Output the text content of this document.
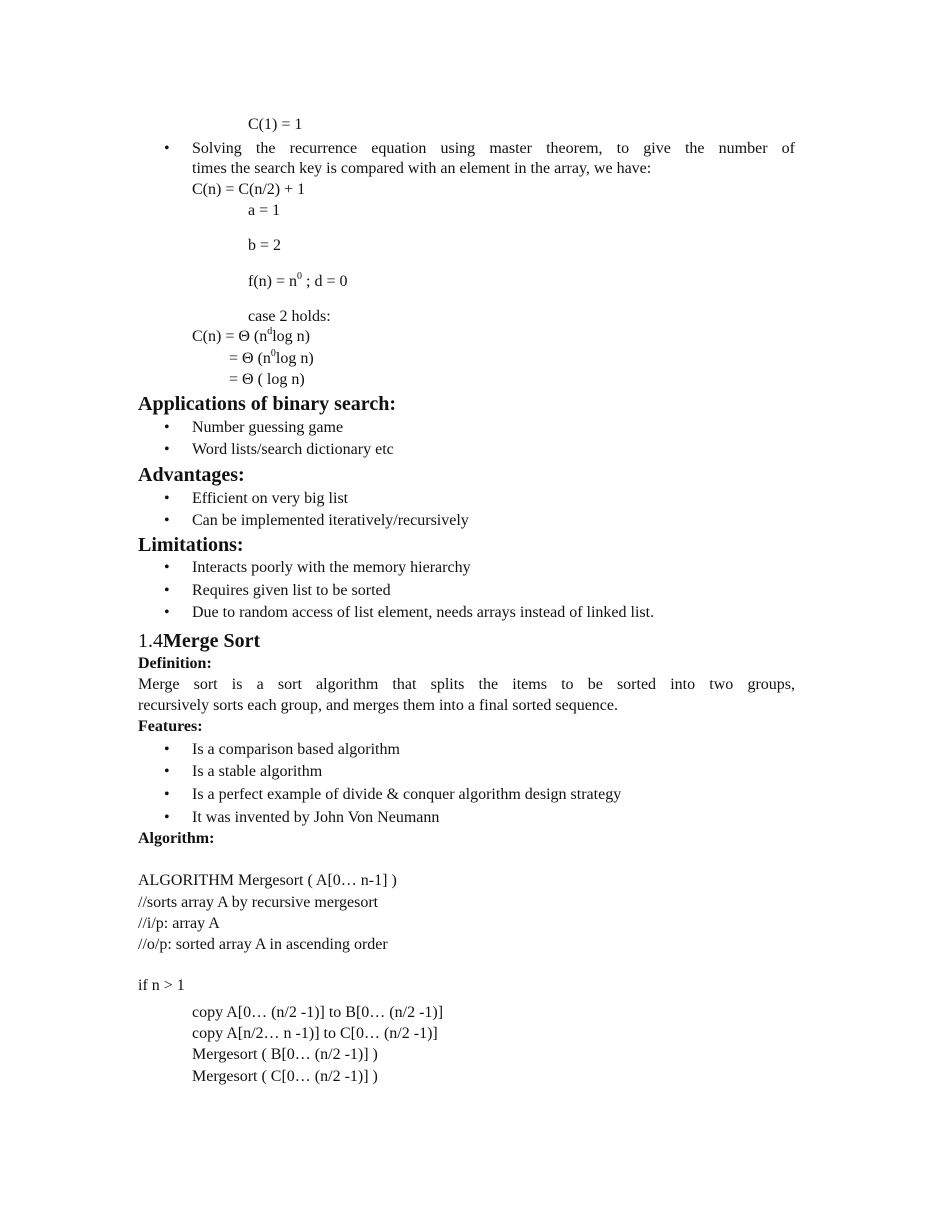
C(1) = 1
• Solving the recurrence equation using master theorem, to give the number of
times the search key is compared with an element in the array, we have:
C(n) = C(n/2) + 1
a = 1
b = 2
$f(n) = n^0$ ; d = 0
case 2 holds:
C(n) = Θ ($n^d\log$ n)
= Θ ($n^0\log$ n)
= Θ ( log n)
Applications of binary search:
• Number guessing game
• Word lists/search dictionary etc
Advantages:
• Efficient on very big list
• Can be implemented iteratively/recursively
Limitations:
• Interacts poorly with the memory hierarchy
• Requires given list to be sorted
• Due to random access of list element, needs arrays instead of linked list.
1.4Merge Sort
Definition:
Merge sort is a sort algorithm that splits the items to be sorted into two groups,
recursively sorts each group, and merges them into a final sorted sequence.
Features:
• Is a comparison based algorithm
• Is a stable algorithm
• Is a perfect example of divide & conquer algorithm design strategy
• It was invented by John Von Neumann
Algorithm:
ALGORITHM Mergesort ( A[0… n-1] )
//sorts array A by recursive mergesort
//i/p: array A
//o/p: sorted array A in ascending order
if n > 1
copy A[0… (n/2 -1)] to B[0… (n/2 -1)]
copy A[n/2… n -1)] to C[0… (n/2 -1)]
Mergesort ( B[0… (n/2 -1)] )
Mergesort ( C[0… (n/2 -1)] )
